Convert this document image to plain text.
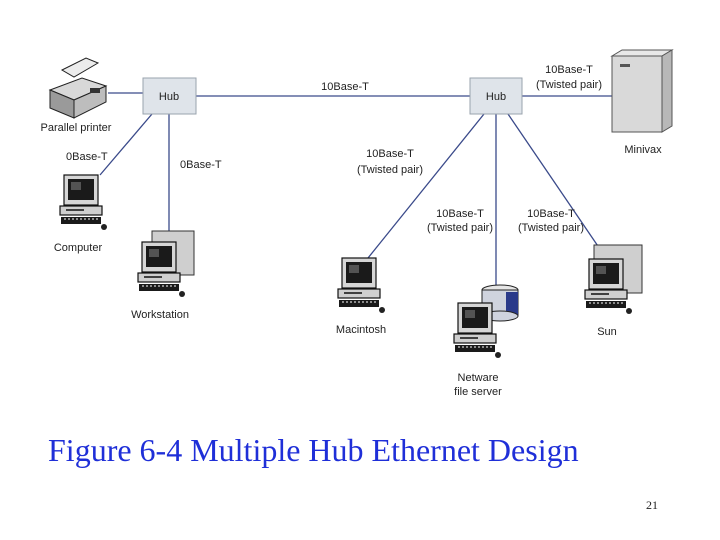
Hub	Hub
10Base-T
10Base-T
(Twisted pair)
0Base-T
0Base-T
10Base-T
(Twisted pair)
10Base-T
(Twisted pair)
10Base-T
(Twisted pair)
Parallel printer
Computer
Workstation
Macintosh
Netware
file server
Sun
Minivax
Figure 6-4 Multiple Hub Ethernet Design
21
